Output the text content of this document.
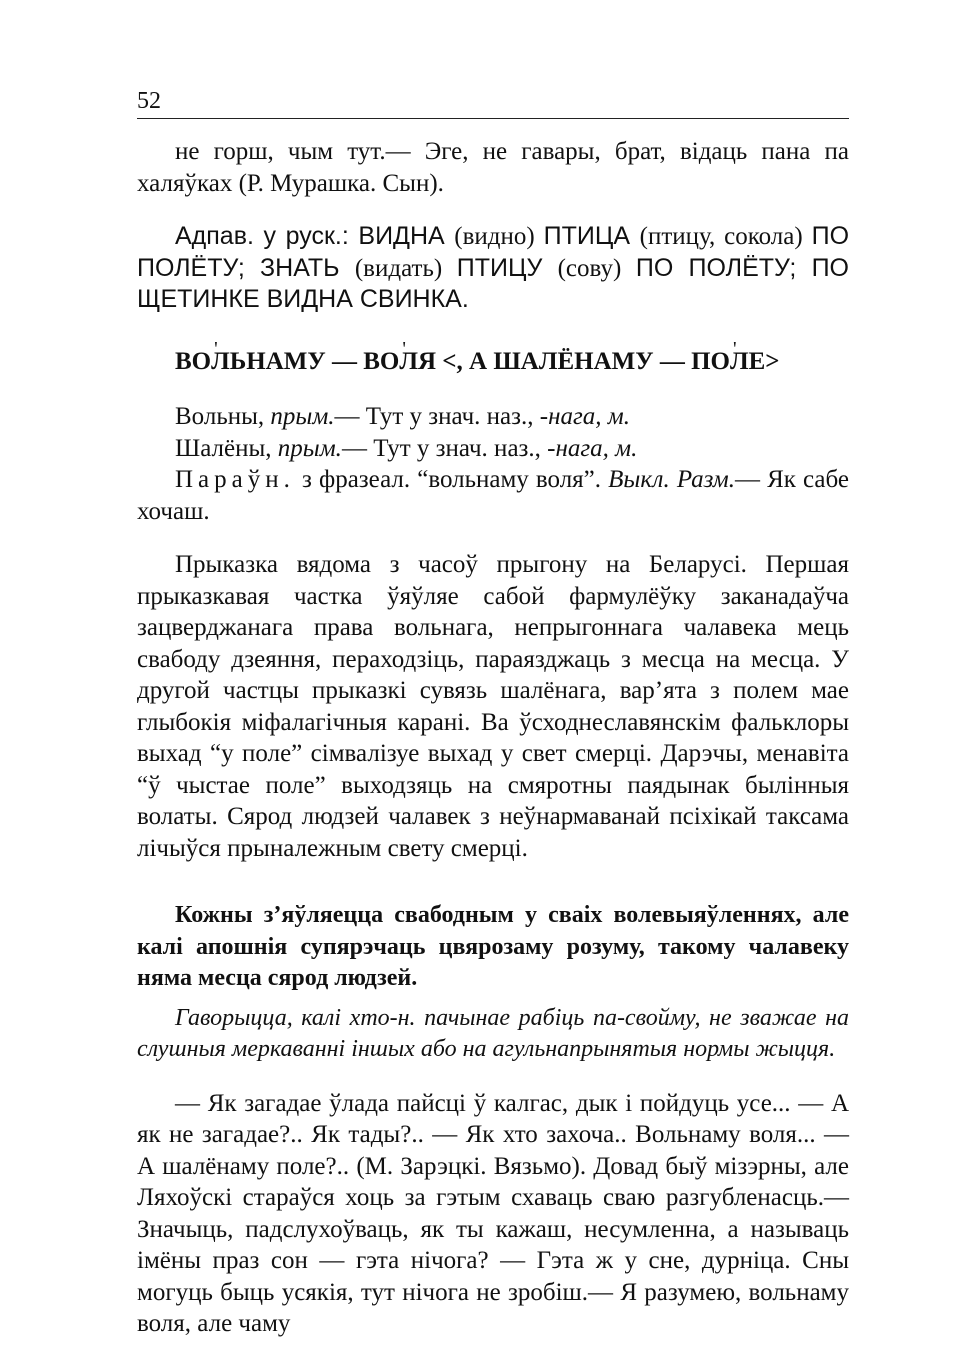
52

не горш, чым тут.— Эге, не гавары, брат, відаць пана па халяўках (Р. Мурашка. Сын).

Адпав. у руск.: ВИДНА (видно) ПТИЦА (птицу, сокола) ПО ПОЛЁТУ; ЗНАТЬ (видать) ПТИЦУ (сову) ПО ПОЛЁТУ; ПО ЩЕТИНКЕ ВИДНА СВИНКА.

ВО' ЛЬНАМУ — ВО' ЛЯ <, А ШАЛЁНАМУ — ПО' ЛЕ>

Вольны, прым.— Тут у знач. наз., -нага, м.

Шалёны, прым.— Тут у знач. наз., -нага, м.

Параўн. з фразеал. “вольнаму воля”. Выкл. Разм.— Як сабе хочаш.

Прыказка вядома з часоў прыгону на Беларусі. Першая прыказкавая частка ўяўляе сабой фармулёўку заканадаўча зацверджанага права вольнага, непрыгоннага чалавека мець свабоду дзеяння, пераходзіць, параязджаць з месца на месца. У другой частцы прыказкі сувязь шалёнага, вар’ята з полем мае глыбокія міфалагічныя карані. Ва ўсходнеславянскім фальклоры выхад “у поле” сімвалізуе выхад у свет смерці. Дарэчы, менавіта “ў чыстае поле” выходзяць на смяротны паядынак былінныя волаты. Сярод людзей чалавек з неўнармаванай псіхікай таксама лічыўся прыналежным свету смерці.

Кожны з’яўляецца свабодным у сваіх волевыяўленнях, але калі апошнія супярэчаць цвярозаму розуму, такому чалавеку няма месца сярод людзей.

Гаворыцца, калі хто-н. пачынае рабіць па-свойму, не зважае на слушныя меркаванні іншых або на агульнапрынятыя нормы жыцця.

— Як загадае ўлада пайсці ў калгас, дык і пойдуць усе... — А як не загадае?.. Як тады?.. — Як хто захоча.. Вольнаму воля... — А шалёнаму поле?.. (М. Зарэцкі. Вязьмо). Довад быў мізэрны, але Ляхоўскі стараўся хоць за гэтым схаваць сваю разгубленасць.— Значыць, падслухоўваць, як ты кажаш, несумленна, а называць імёны праз сон — гэта нічога? — Гэта ж у сне, дурніца. Сны могуць быць усякія, тут нічога не зробіш.— Я разумею, вольнаму воля, але чаму
